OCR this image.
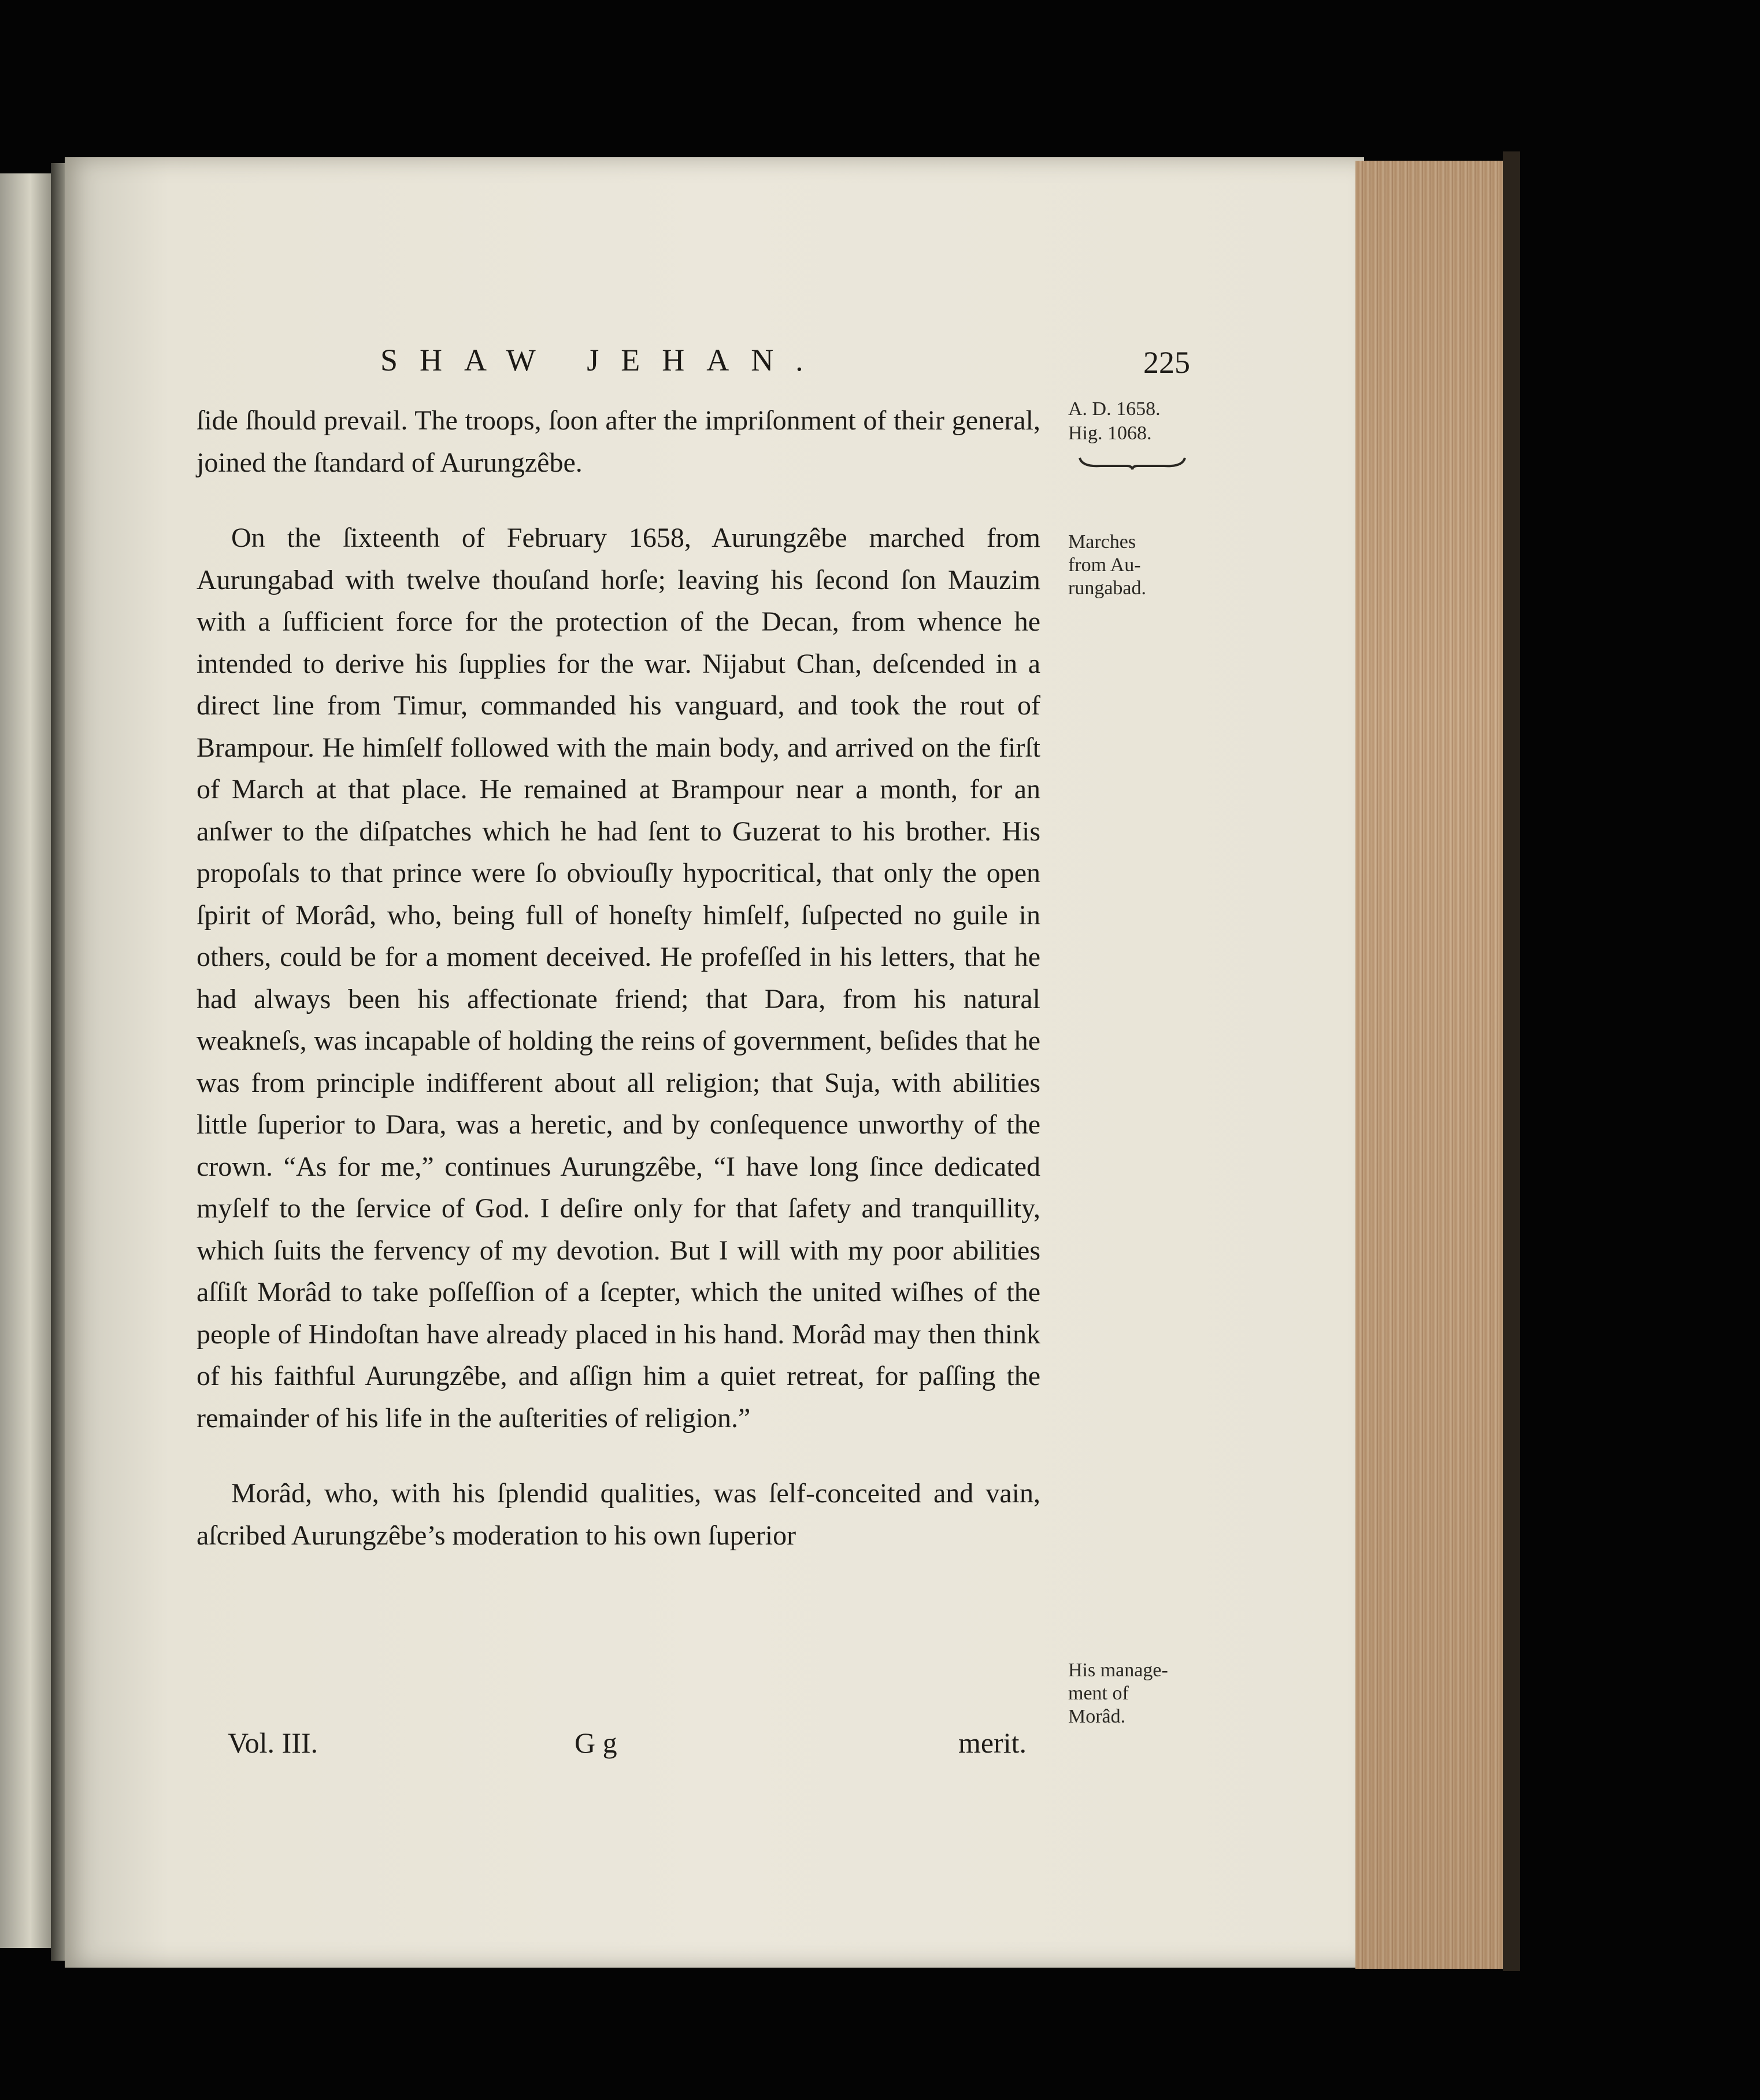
SHAW JEHAN.	225
A. D. 1658.
Hig. 1068.
Marches
from Au-
rungabad.
His manage-
ment of
Morâd.

ſide ſhould prevail. The troops, ſoon after the impriſonment of their general, joined the ſtandard of Aurungzêbe.

On the ſixteenth of February 1658, Aurungzêbe marched from Aurungabad with twelve thouſand horſe; leaving his ſecond ſon Mauzim with a ſufficient force for the protection of the Decan, from whence he intended to derive his ſupplies for the war. Nijabut Chan, deſcended in a direct line from Timur, commanded his vanguard, and took the rout of Brampour. He himſelf followed with the main body, and arrived on the firſt of March at that place. He remained at Brampour near a month, for an anſwer to the diſpatches which he had ſent to Guzerat to his brother. His propoſals to that prince were ſo obviouſly hypocritical, that only the open ſpirit of Morâd, who, being full of honeſty himſelf, ſuſpected no guile in others, could be for a moment deceived. He profeſſed in his letters, that he had always been his affectionate friend; that Dara, from his natural weakneſs, was incapable of holding the reins of government, beſides that he was from principle indifferent about all religion; that Suja, with abilities little ſuperior to Dara, was a heretic, and by conſequence unworthy of the crown. “As for me,” continues Aurungzêbe, “I have long ſince dedicated myſelf to the ſervice of God. I deſire only for that ſafety and tranquillity, which ſuits the fervency of my devotion. But I will with my poor abilities aſſiſt Morâd to take poſſeſſion of a ſcepter, which the united wiſhes of the people of Hindoſtan have already placed in his hand. Morâd may then think of his faithful Aurungzêbe, and aſſign him a quiet retreat, for paſſing the remainder of his life in the auſterities of religion.”

Morâd, who, with his ſplendid qualities, was ſelf-conceited and vain, aſcribed Aurungzêbe’s moderation to his own ſuperior

Vol. III.	G g	merit.
